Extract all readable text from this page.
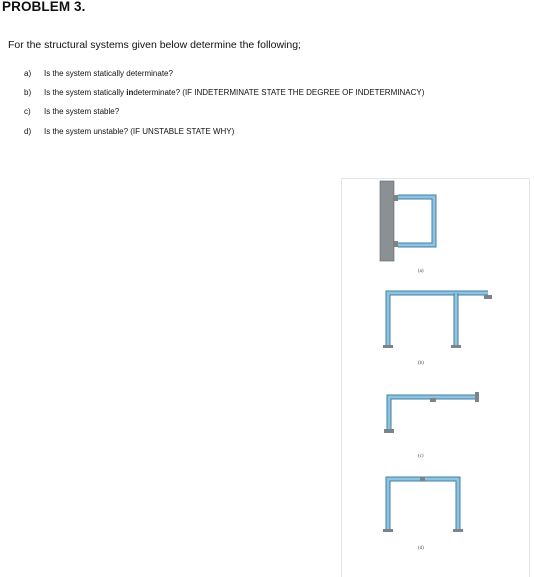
PROBLEM 3.
For the structural systems given below determine the following;
a) Is the system statically determinate?
b) Is the system statically indeterminate? (IF INDETERMINATE STATE THE DEGREE OF INDETERMINACY)
c) Is the system stable?
d) Is the system unstable? (IF UNSTABLE STATE WHY)
(a)
(b)
(c)
(d)
